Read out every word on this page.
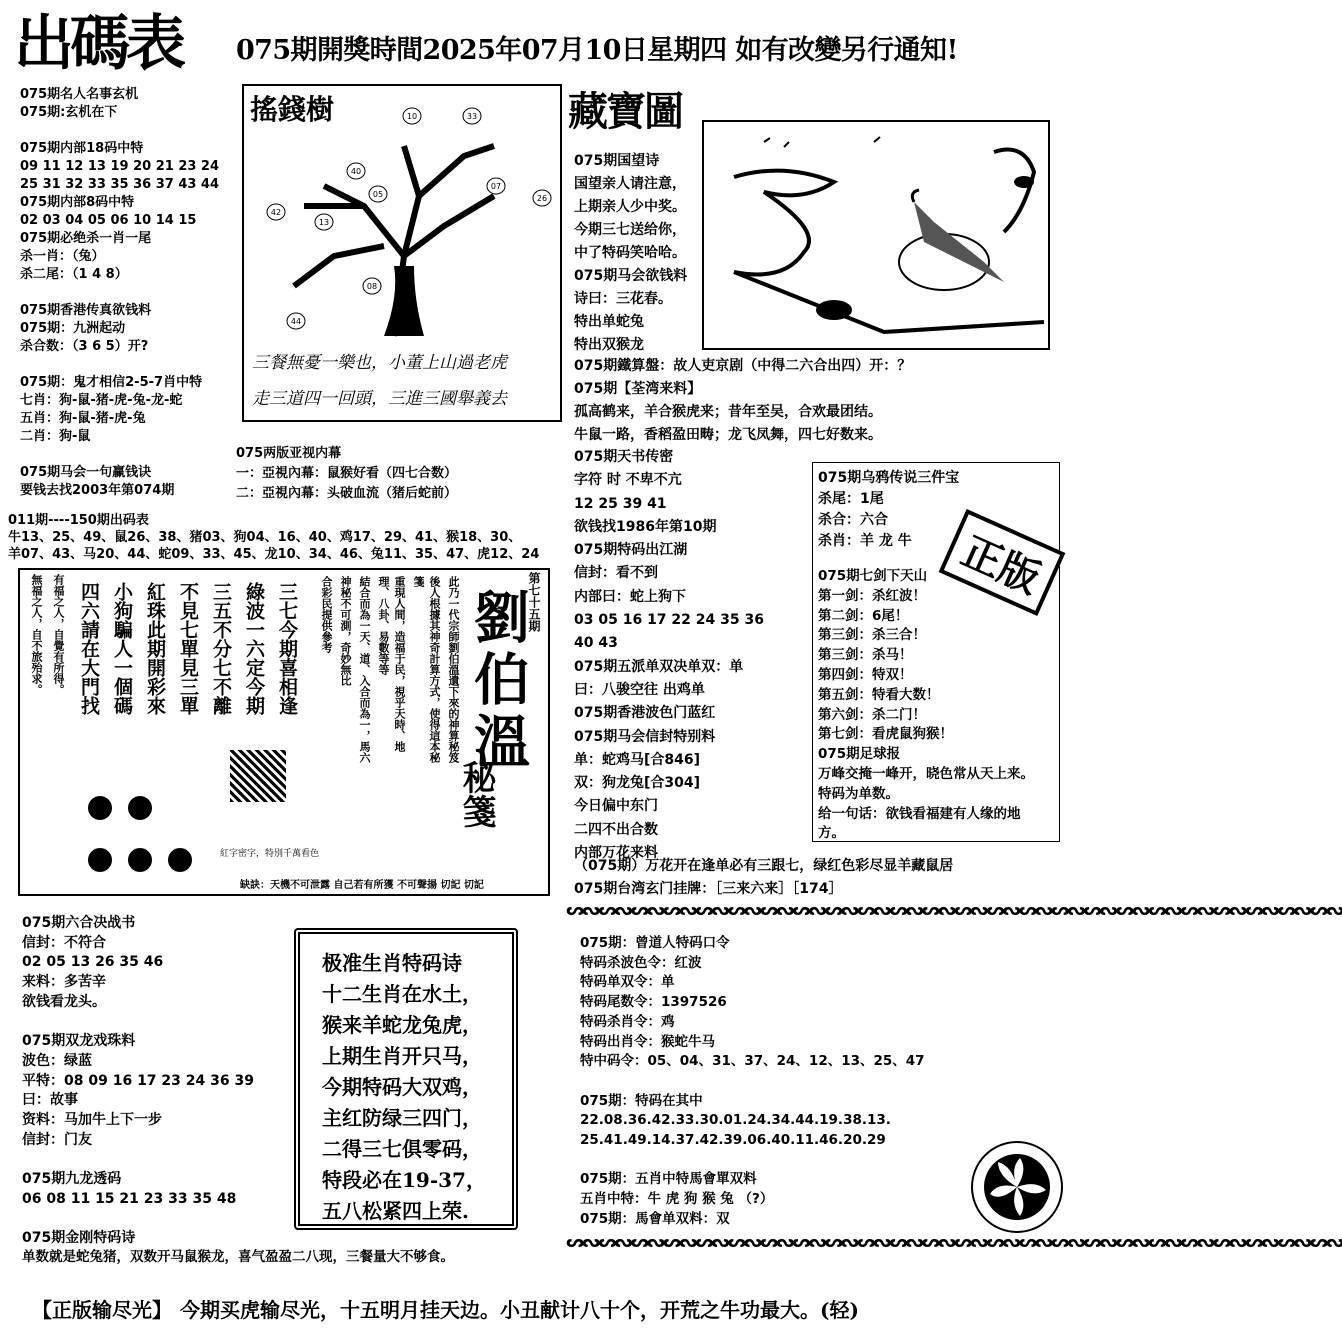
出碼表 075期開獎時間2025年07月10日星期四 如有改變另行通知!
075期名人名事玄机
075期:玄机在下

075期内部18码中特
09 11 12 13 19 20 21 23 24
25 31 32 33 35 36 37 43 44
075期内部8码中特
02 03 04 05 06 10 14 15
075期必绝杀一肖一尾
杀一肖：（兔）
杀二尾：（1 4 8）

075期香港传真欲钱料
075期：九洲起动
杀合数：（3 6 5）开?

075期：鬼才相信2-5-7肖中特
七肖：狗-鼠-猪-虎-兔-龙-蛇
五肖：狗-鼠-猪-虎-兔
二肖：狗-鼠

075期马会一句赢钱诀
要钱去找2003年第074期
搖錢樹	10	33
40
05
07
26
42
13
08
44
三餐無憂一樂也，小董上山過老虎
走三道四一回頭，三進三國舉義去
藏寶圖
075期国望诗
国望亲人请注意，
上期亲人少中奖。
今期三七送给你，
中了特码笑哈哈。
075期马会欲钱料
诗曰：三花春。
特出单蛇兔
特出双猴龙
075期鐵算盤：故人吏京剧（中得二六合出四）开：？
075期【荃湾来料】
孤高鹤来，羊合猴虎来；昔年至吴，合欢最团结。
牛鼠一路，香稻盈田畴；龙飞凤舞，四七好数来。
075两版亚视内幕
一：亞視內幕：鼠猴好看（四七合数）
二：亞視內幕：头破血流（猪后蛇前）
011期----150期出码表
牛13、25、49、鼠26、38、猪03、狗04、16、40、鸡17、29、41、猴18、30、
羊07、43、马20、44、蛇09、33、45、龙10、34、46、兔11、35、47、虎12、24
075期天书传密
字符 时 不卑不亢
12 25 39 41
欲钱找1986年第10期
075期特码出江湖
信封：看不到
内部曰：蛇上狗下
03 05 16 17 22 24 35 36
40 43
075期五派单双决单双：单
曰：八骏空往 出鸡单
075期香港波色门蓝红
075期马会信封特别料
单：蛇鸡马[合846]
双：狗龙兔[合304]
今日偏中东门
二四不出合数
内部万花来料
075期乌鸦传说三件宝
杀尾：1尾
杀合：六合
杀肖：羊 龙 牛	正版
075期七剑下天山
第一剑：杀红波！
第二剑：6尾！
第三剑：杀三合！
第三剑：杀马！
第四剑：特双！
第五剑：特看大数！
第六剑：杀二门！
第七剑：看虎鼠狗猴！
075期足球报
万峰交掩一峰开，晓色常从天上来。
特码为单数。
给一句话：欲钱看福建有人缘的地
方。
（075期）万花开在逢单必有三跟七，绿红色彩尽显羊藏鼠居
075期台湾玄门挂牌：［三来六来］［174］
三七今期喜相逢
綠波一六定今期
三五不分七不離
不見七單見三單
紅珠此期開彩來
小狗騙人一個碼
四六請在大門找
有福之人，自覺有所得。
無福之人，自不旅殆求。	此乃一代宗師劉伯溫遺下來的神算秘笈
後人根據其神奇計算方式，使得這本秘箋
重現人間，造福于民，視乎天時、地理、八卦、易數等等
結合而為一天、道、入合而為一，馬六
神秘不可測，奇妙無比
合彩民提供參考 劉伯溫
第七十五期
秘箋
紅字密字，特別千萬看色
缺訣：天機不可泄露 自己若有所獲 不可聲揚 切記 切記
075期六合决战书
信封：不符合
02 05 13 26 35 46
来料：多苦辛
欲钱看龙头。

075期双龙戏珠料
波色：绿蓝
平特：08 09 16 17 23 24 36 39
曰：故事
资料：马加牛上下一步
信封：门友

075期九龙透码
06 08 11 15 21 23 33 35 48

075期金刚特码诗
单数就是蛇兔猪，双数开马鼠猴龙，喜气盈盈二八现，三餐量大不够食。
极准生肖特码诗
十二生肖在水土，
猴来羊蛇龙兔虎，
上期生肖开只马，
今期特码大双鸡，
主红防绿三四门，
二得三七俱零码，
特段必在19-37，
五八松紧四上荣.
ᔕᔓᔕᔓᔕᔓᔕᔓᔕᔓᔕᔓᔕᔓᔕᔓᔕᔓᔕᔓᔕᔓᔕᔓᔕᔓᔕᔓᔕᔓᔕᔓᔕᔓᔕᔓᔕᔓᔕᔓᔕᔓᔕᔓᔕᔓᔕᔓ
ᔕᔓᔕᔓᔕᔓᔕᔓᔕᔓᔕᔓᔕᔓᔕᔓᔕᔓᔕᔓᔕᔓᔕᔓᔕᔓᔕᔓᔕᔓᔕᔓᔕᔓᔕᔓᔕᔓᔕᔓᔕᔓᔕᔓᔕᔓᔕᔓ
075期：曾道人特码口令
特码杀波色令：红波
特码单双令：单
特码尾数令：1397526
特码杀肖令：鸡
特码出肖令：猴蛇牛马
特中码令：05、04、31、37、24、12、13、25、47

075期：特码在其中
22.08.36.42.33.30.01.24.34.44.19.38.13.
25.41.49.14.37.42.39.06.40.11.46.20.29

075期：五肖中特馬會單双料
五肖中特：牛 虎 狗 猴 兔 （?）
075期：馬會单双料：双
【正版输尽光】 今期买虎输尽光，十五明月挂天边。小丑献计八十个，开荒之牛功最大。(轻)
